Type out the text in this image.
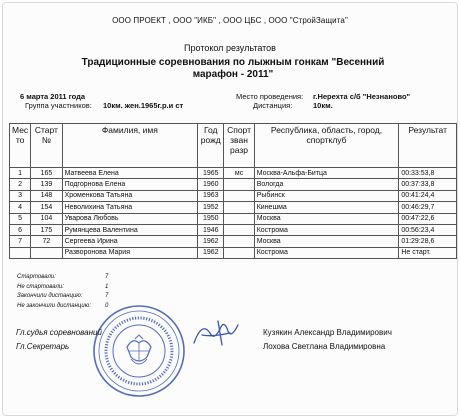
ООО ПРОЕКТ , ООО "ИКБ" , ООО ЦБС , ООО "СтройЗащита"
Протокол результатов
Традиционные соревнования по лыжным гонкам "Весенний марафон - 2011"
6 марта 2011 года
Группа участников: 10км. жен.1965г.р.и ст
Место проведения: г.Нерехта с/б "Незнаново"
Дистанция:	10км.
Мес то	Старт №	Фамилия, имя	Год рожд	Спорт зван разр	Республика, область, город, спортклуб	Результат
1	165	Матвеева Елена	1965	мс	Москва-Альфа-Битца	00:33:53,8
2	139	Подгорнова Елена	1960		Вологда	00:37:33,8
3	148	Хроменкова Татьяна	1963		Рыбинск	00:41:24,4
4	154	Неволихина Татьяна	1952		Кинешма	00:46:29,7
5	104	Уварова Любовь	1950		Москва	00:47:22,6
6	175	Румянцева Валентина	1946		Кострома	00:56:23,4
7	72	Сергеева Ирина	1962		Москва	01:29:28,6
		Разворонова Мария	1962		Кострома	Не старт.
Стартовали:	7
Не стартовали:	1
Закончили дистанцию:	7
Не закончили дистанцию:	0
Гл.судья соревнований
Гл.Секретарь
Кузякин Александр Владимирович
Лохова Светлана Владимировна
